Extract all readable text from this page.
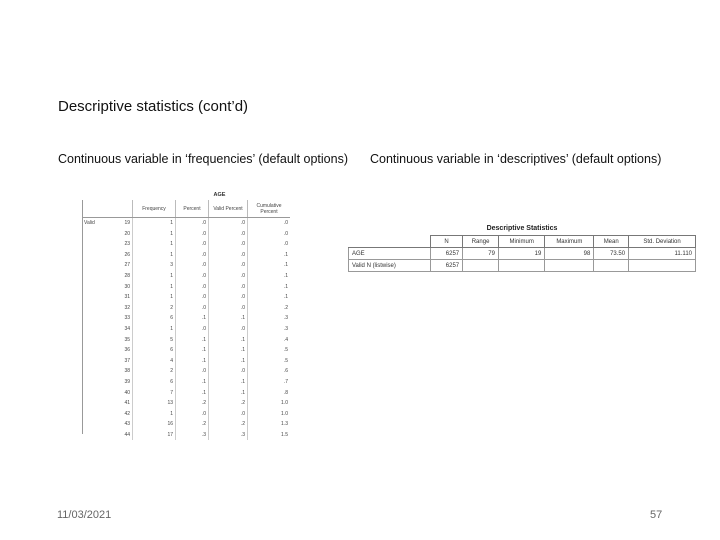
Descriptive statistics (cont’d)
Continuous variable in ‘frequencies’ (default options) Continuous variable in ‘descriptives’ (default options)
AGE
		Frequency	Percent	Valid Percent	Cumulative Percent
Valid	19	1	.0	.0	.0
	20	1	.0	.0	.0
	23	1	.0	.0	.0
	26	1	.0	.0	.1
	27	3	.0	.0	.1
	28	1	.0	.0	.1
	30	1	.0	.0	.1
	31	1	.0	.0	.1
	32	2	.0	.0	.2
	33	6	.1	.1	.3
	34	1	.0	.0	.3
	35	5	.1	.1	.4
	36	6	.1	.1	.5
	37	4	.1	.1	.5
	38	2	.0	.0	.6
	39	6	.1	.1	.7
	40	7	.1	.1	.8
	41	13	.2	.2	1.0
	42	1	.0	.0	1.0
	43	16	.2	.2	1.3
	44	17	.3	.3	1.5
Descriptive Statistics
	N	Range	Minimum	Maximum	Mean	Std. Deviation
AGE	6257	79	19	98	73.50	11.110
Valid N (listwise)	6257					
11/03/2021	57
